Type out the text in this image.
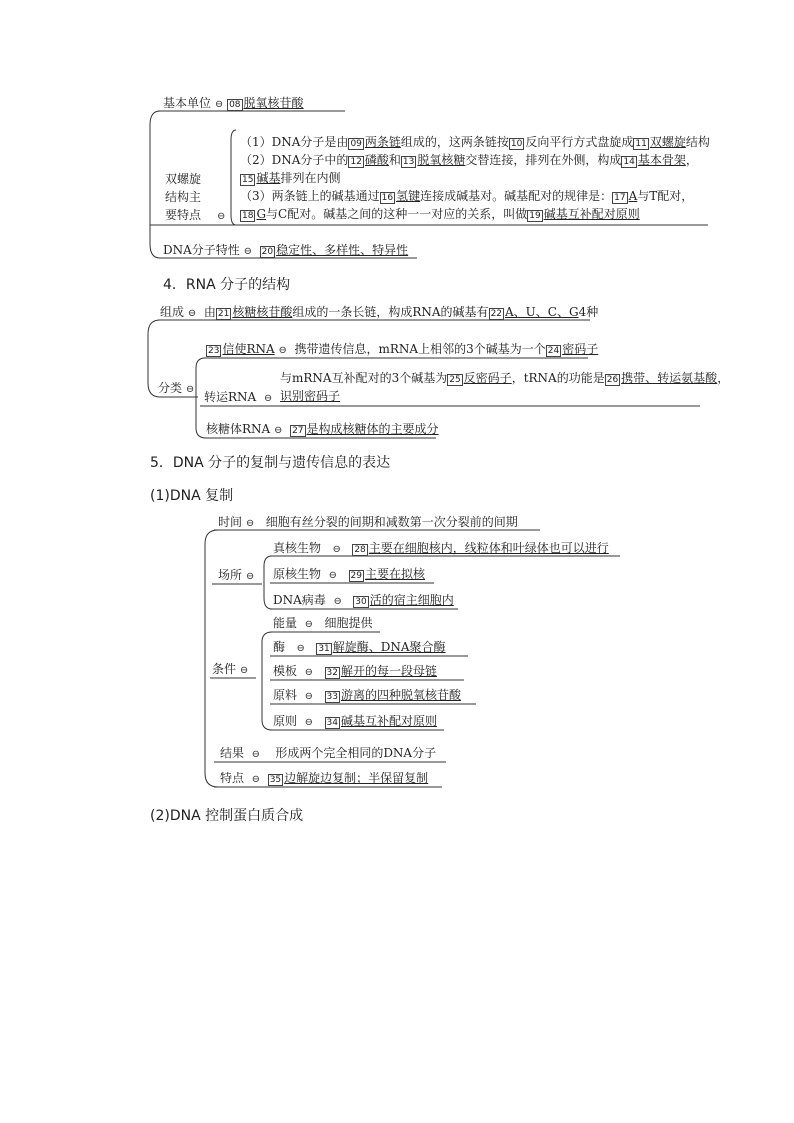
基本单位 ⊖ 08 脱氧核苷酸
双螺旋
结构主
要特点 ⊖
（1）DNA分子是由 09 两条链组成的，这两条链按 10 反向平行方式盘旋成 11 双螺旋结构
（2）DNA分子中的 12 磷酸和 13 脱氧核糖交替连接，排列在外侧，构成 14 基本骨架，
15 碱基排列在内侧
（3）两条链上的碱基通过 16 氢键连接成碱基对。碱基配对的规律是： 17 A与T配对，
18 G与C配对。碱基之间的这种一一对应的关系，叫做 19 碱基互补配对原则
DNA分子特性 ⊖ 20 稳定性、多样性、特异性
4．RNA 分子的结构
组成 ⊖ 由 21 核糖核苷酸组成的一条长链，构成RNA的碱基有 22 A、U、C、G4种
分类 ⊖
23 信使RNA ⊖ 携带遗传信息，mRNA上相邻的3个碱基为一个 24 密码子
转运RNA ⊖
与mRNA互补配对的3个碱基为 25 反密码子，tRNA的功能是 26 携带、转运氨基酸，
识别密码子
核糖体RNA ⊖ 27 是构成核糖体的主要成分
5．DNA 分子的复制与遗传信息的表达
(1)DNA 复制
时间 ⊖ 细胞有丝分裂的间期和减数第一次分裂前的间期
场所 ⊖
真核生物 ⊖ 28 主要在细胞核内，线粒体和叶绿体也可以进行
原核生物 ⊖ 29 主要在拟核
DNA病毒 ⊖ 30 活的宿主细胞内
条件 ⊖
能量 ⊖ 细胞提供
酶 ⊖ 31 解旋酶、DNA聚合酶
模板 ⊖ 32 解开的每一段母链
原料 ⊖ 33 游离的四种脱氧核苷酸
原则 ⊖ 34 碱基互补配对原则
结果 ⊖ 形成两个完全相同的DNA分子
特点 ⊖ 35 边解旋边复制；半保留复制
(2)DNA 控制蛋白质合成
